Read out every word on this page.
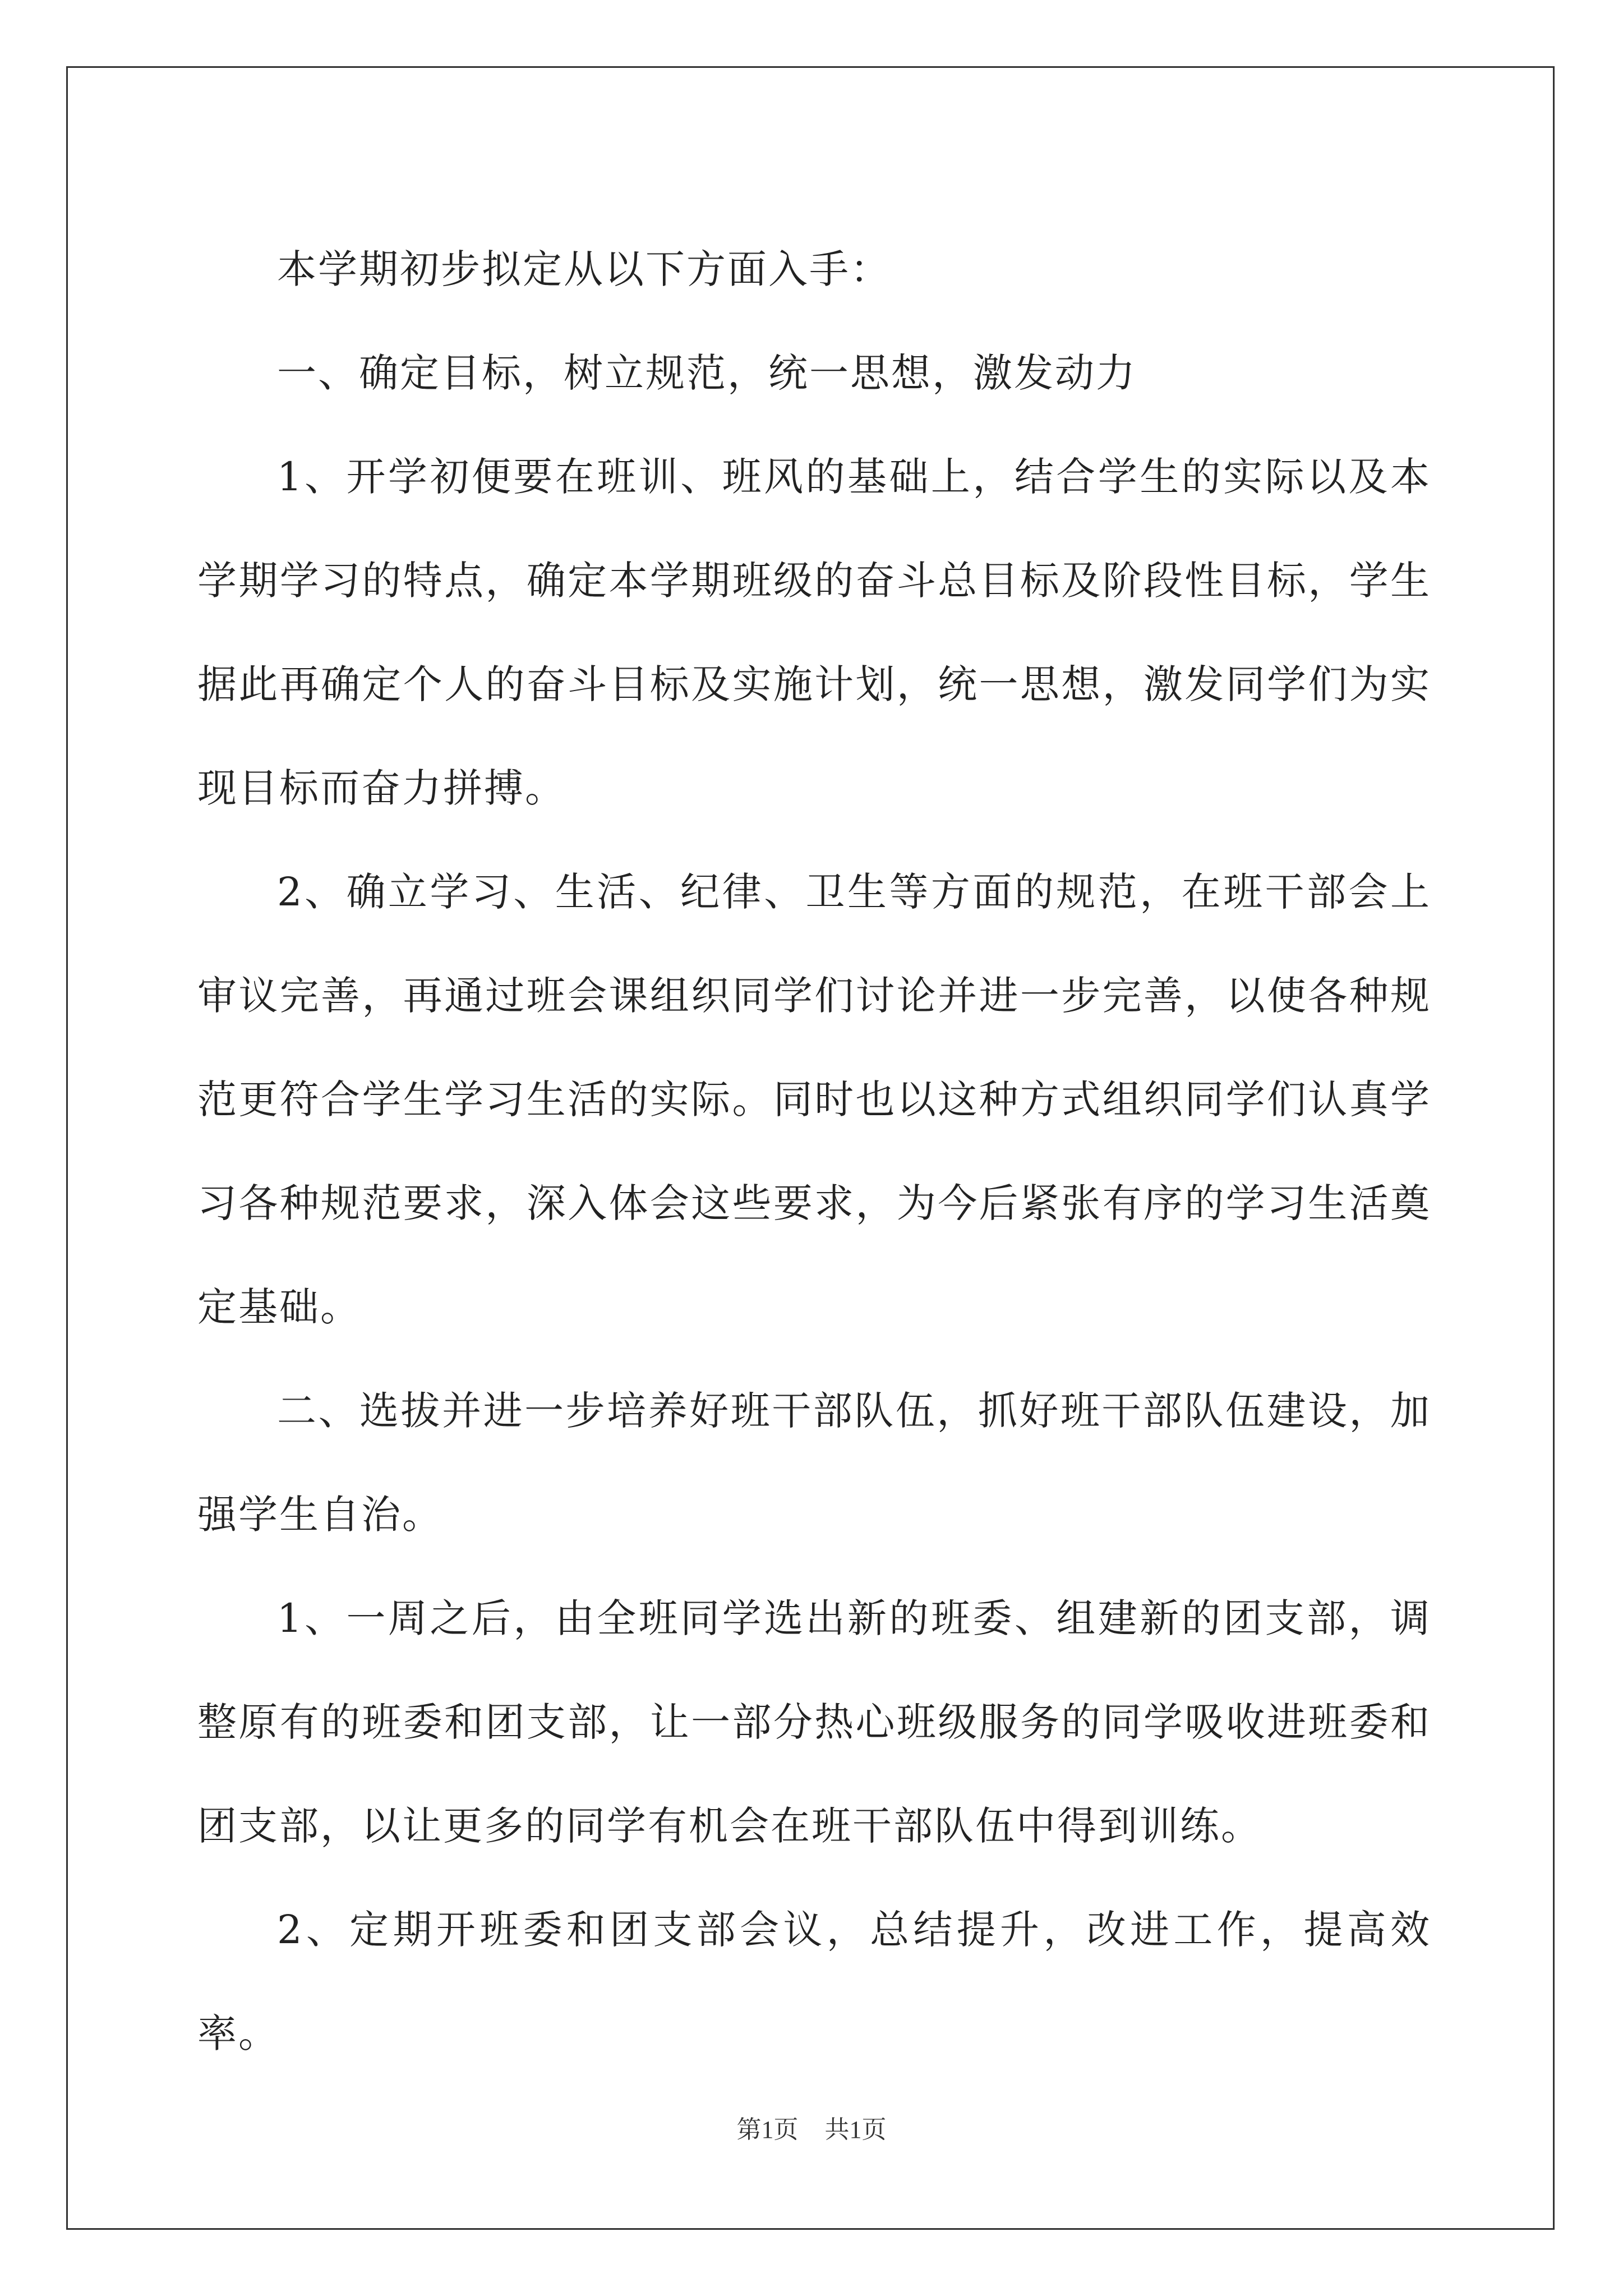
本学期初步拟定从以下方面入手：

一、确定目标，树立规范，统一思想，激发动力

1、开学初便要在班训、班风的基础上，结合学生的实际以及本学期学习的特点，确定本学期班级的奋斗总目标及阶段性目标，学生据此再确定个人的奋斗目标及实施计划，统一思想，激发同学们为实现目标而奋力拼搏。

2、确立学习、生活、纪律、卫生等方面的规范，在班干部会上审议完善，再通过班会课组织同学们讨论并进一步完善，以使各种规范更符合学生学习生活的实际。同时也以这种方式组织同学们认真学习各种规范要求，深入体会这些要求，为今后紧张有序的学习生活奠定基础。

二、选拔并进一步培养好班干部队伍，抓好班干部队伍建设，加强学生自治。

1、一周之后，由全班同学选出新的班委、组建新的团支部，调整原有的班委和团支部，让一部分热心班级服务的同学吸收进班委和团支部，以让更多的同学有机会在班干部队伍中得到训练。

2、定期开班委和团支部会议，总结提升，改进工作，提高效率。

第1页 共1页
